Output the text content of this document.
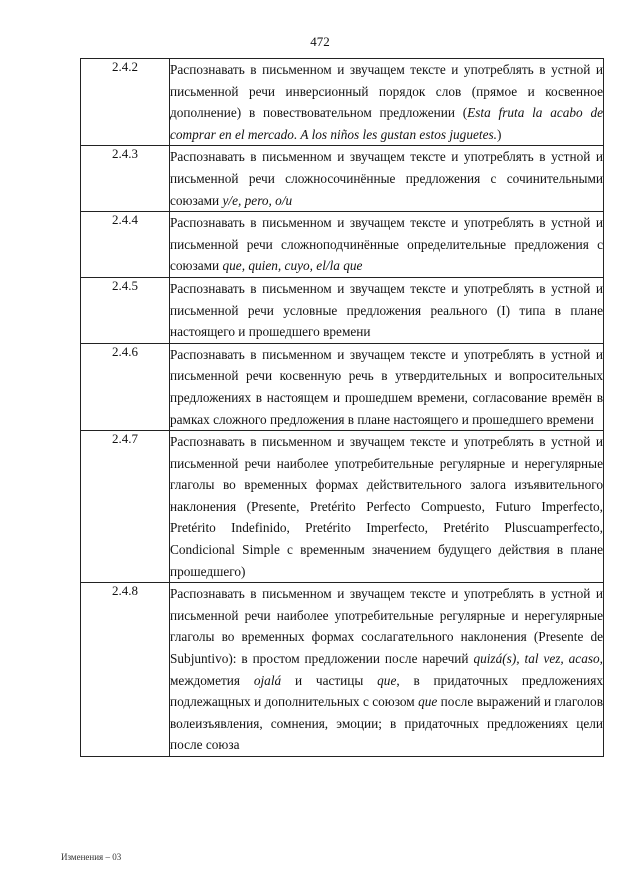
472
2.4.2	Распознавать в письменном и звучащем тексте и употреблять в устной и письменной речи инверсионный порядок слов (прямое и косвенное дополнение) в повествовательном предложении (Esta fruta la acabo de comprar en el mercado. A los niños les gustan estos juguetes.)
2.4.3	Распознавать в письменном и звучащем тексте и употреблять в устной и письменной речи сложносочинённые предложения с сочинительными союзами y/e, pero, o/u
2.4.4	Распознавать в письменном и звучащем тексте и употреблять в устной и письменной речи сложноподчинённые определительные предложения с союзами que, quien, cuyo, el/la que
2.4.5	Распознавать в письменном и звучащем тексте и употреблять в устной и письменной речи условные предложения реального (I) типа в плане настоящего и прошедшего времени
2.4.6	Распознавать в письменном и звучащем тексте и употреблять в устной и письменной речи косвенную речь в утвердительных и вопросительных предложениях в настоящем и прошедшем времени, согласование времён в рамках сложного предложения в плане настоящего и прошедшего времени
2.4.7	Распознавать в письменном и звучащем тексте и употреблять в устной и письменной речи наиболее употребительные регулярные и нерегулярные глаголы во временных формах действительного залога изъявительного наклонения (Presente, Pretérito Perfecto Compuesto, Futuro Imperfecto, Pretérito Indefinido, Pretérito Imperfecto, Pretérito Pluscuamperfecto, Condicional Simple с временным значением будущего действия в плане прошедшего)
2.4.8	Распознавать в письменном и звучащем тексте и употреблять в устной и письменной речи наиболее употребительные регулярные и нерегулярные глаголы во временных формах сослагательного наклонения (Presente de Subjuntivo): в простом предложении после наречий quizá(s), tal vez, acaso, междометия ojalá и частицы que, в придаточных предложениях подлежащных и дополнительных с союзом que после выражений и глаголов волеизъявления, сомнения, эмоции; в придаточных предложениях цели после союза
Изменения – 03
